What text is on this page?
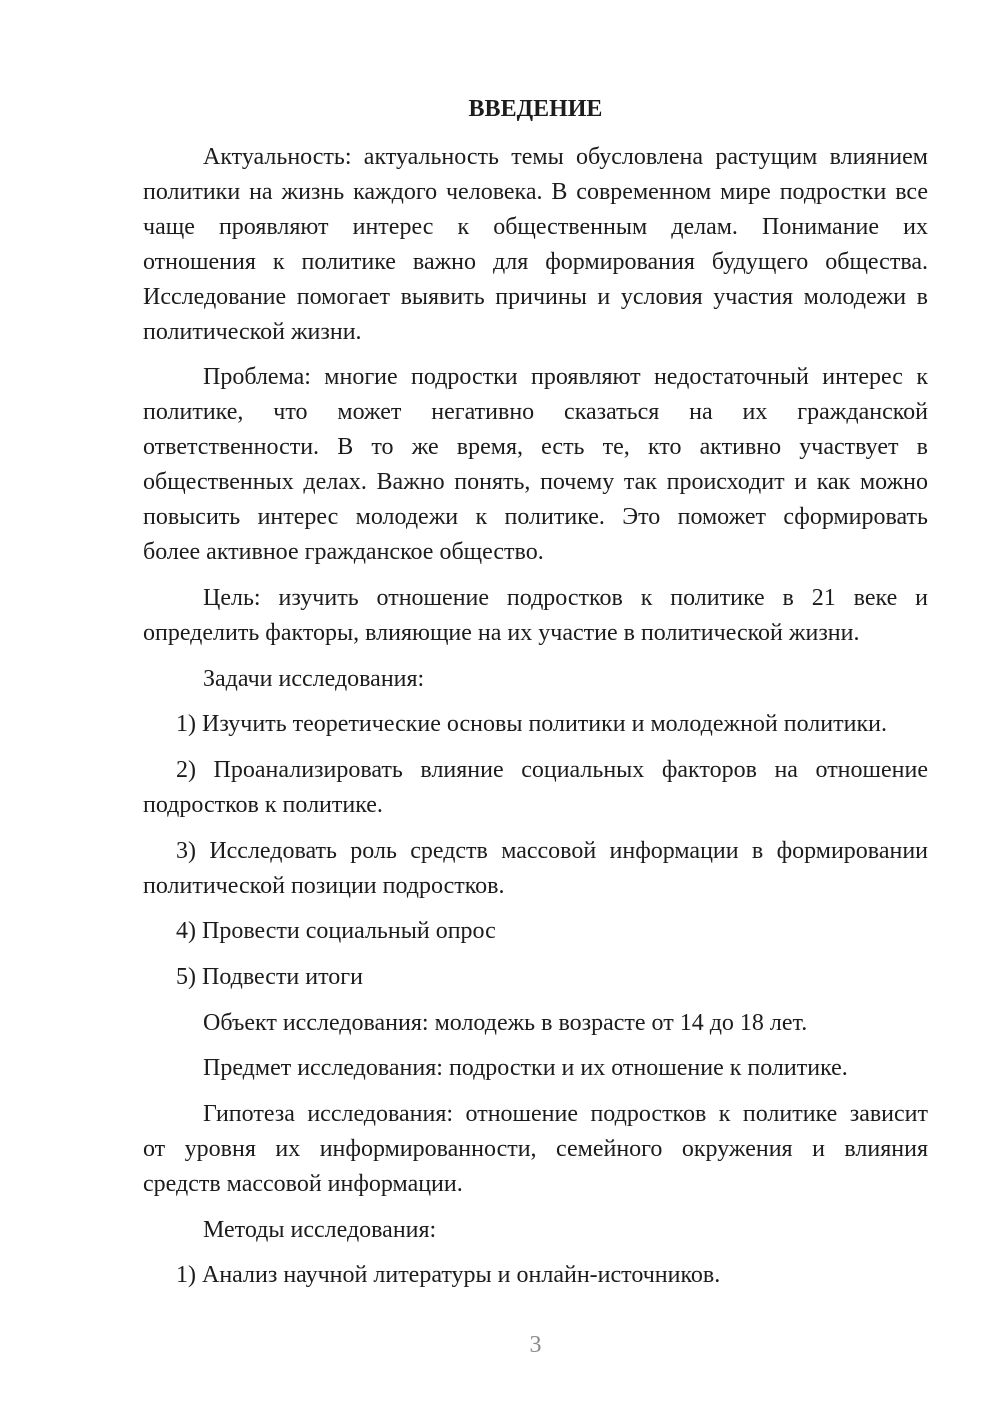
ВВЕДЕНИЕ
Актуальность: актуальность темы обусловлена растущим влиянием
политики на жизнь каждого человека. В современном мире подростки все
чаще проявляют интерес к общественным делам. Понимание их
отношения к политике важно для формирования будущего общества.
Исследование помогает выявить причины и условия участия молодежи в
политической жизни.
Проблема: многие подростки проявляют недостаточный интерес к
политике, что может негативно сказаться на их гражданской
ответственности. В то же время, есть те, кто активно участвует в
общественных делах. Важно понять, почему так происходит и как можно
повысить интерес молодежи к политике. Это поможет сформировать
более активное гражданское общество.
Цель: изучить отношение подростков к политике в 21 веке и
определить факторы, влияющие на их участие в политической жизни.
Задачи исследования:
1) Изучить теоретические основы политики и молодежной политики.
2) Проанализировать влияние социальных факторов на отношение
подростков к политике.
3) Исследовать роль средств массовой информации в формировании
политической позиции подростков.
4) Провести социальный опрос
5) Подвести итоги
Объект исследования: молодежь в возрасте от 14 до 18 лет.
Предмет исследования: подростки и их отношение к политике.
Гипотеза исследования: отношение подростков к политике зависит
от уровня их информированности, семейного окружения и влияния
средств массовой информации.
Методы исследования:
1) Анализ научной литературы и онлайн-источников.
3
